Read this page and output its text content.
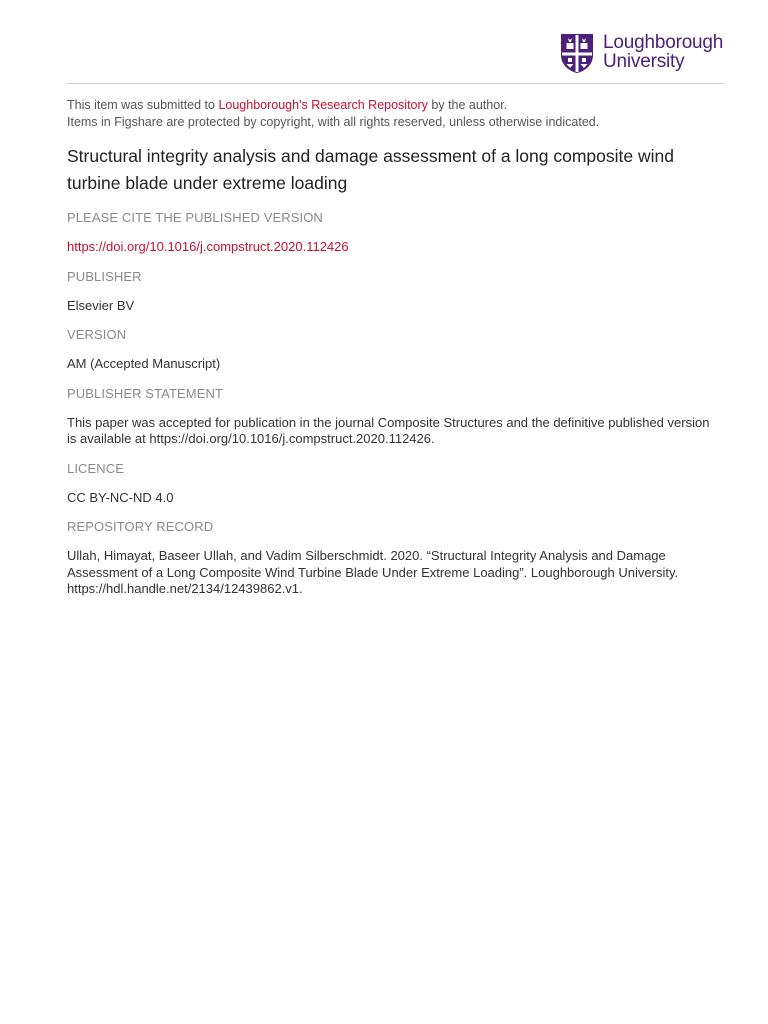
Loughborough
University
This item was submitted to Loughborough's Research Repository by the author.
Items in Figshare are protected by copyright, with all rights reserved, unless otherwise indicated.
Structural integrity analysis and damage assessment of a long composite wind turbine blade under extreme loading
PLEASE CITE THE PUBLISHED VERSION
https://doi.org/10.1016/j.compstruct.2020.112426
PUBLISHER
Elsevier BV
VERSION
AM (Accepted Manuscript)
PUBLISHER STATEMENT
This paper was accepted for publication in the journal Composite Structures and the definitive published version is available at https://doi.org/10.1016/j.compstruct.2020.112426.
LICENCE
CC BY-NC-ND 4.0
REPOSITORY RECORD
Ullah, Himayat, Baseer Ullah, and Vadim Silberschmidt. 2020. “Structural Integrity Analysis and Damage Assessment of a Long Composite Wind Turbine Blade Under Extreme Loading”. Loughborough University. https://hdl.handle.net/2134/12439862.v1.
